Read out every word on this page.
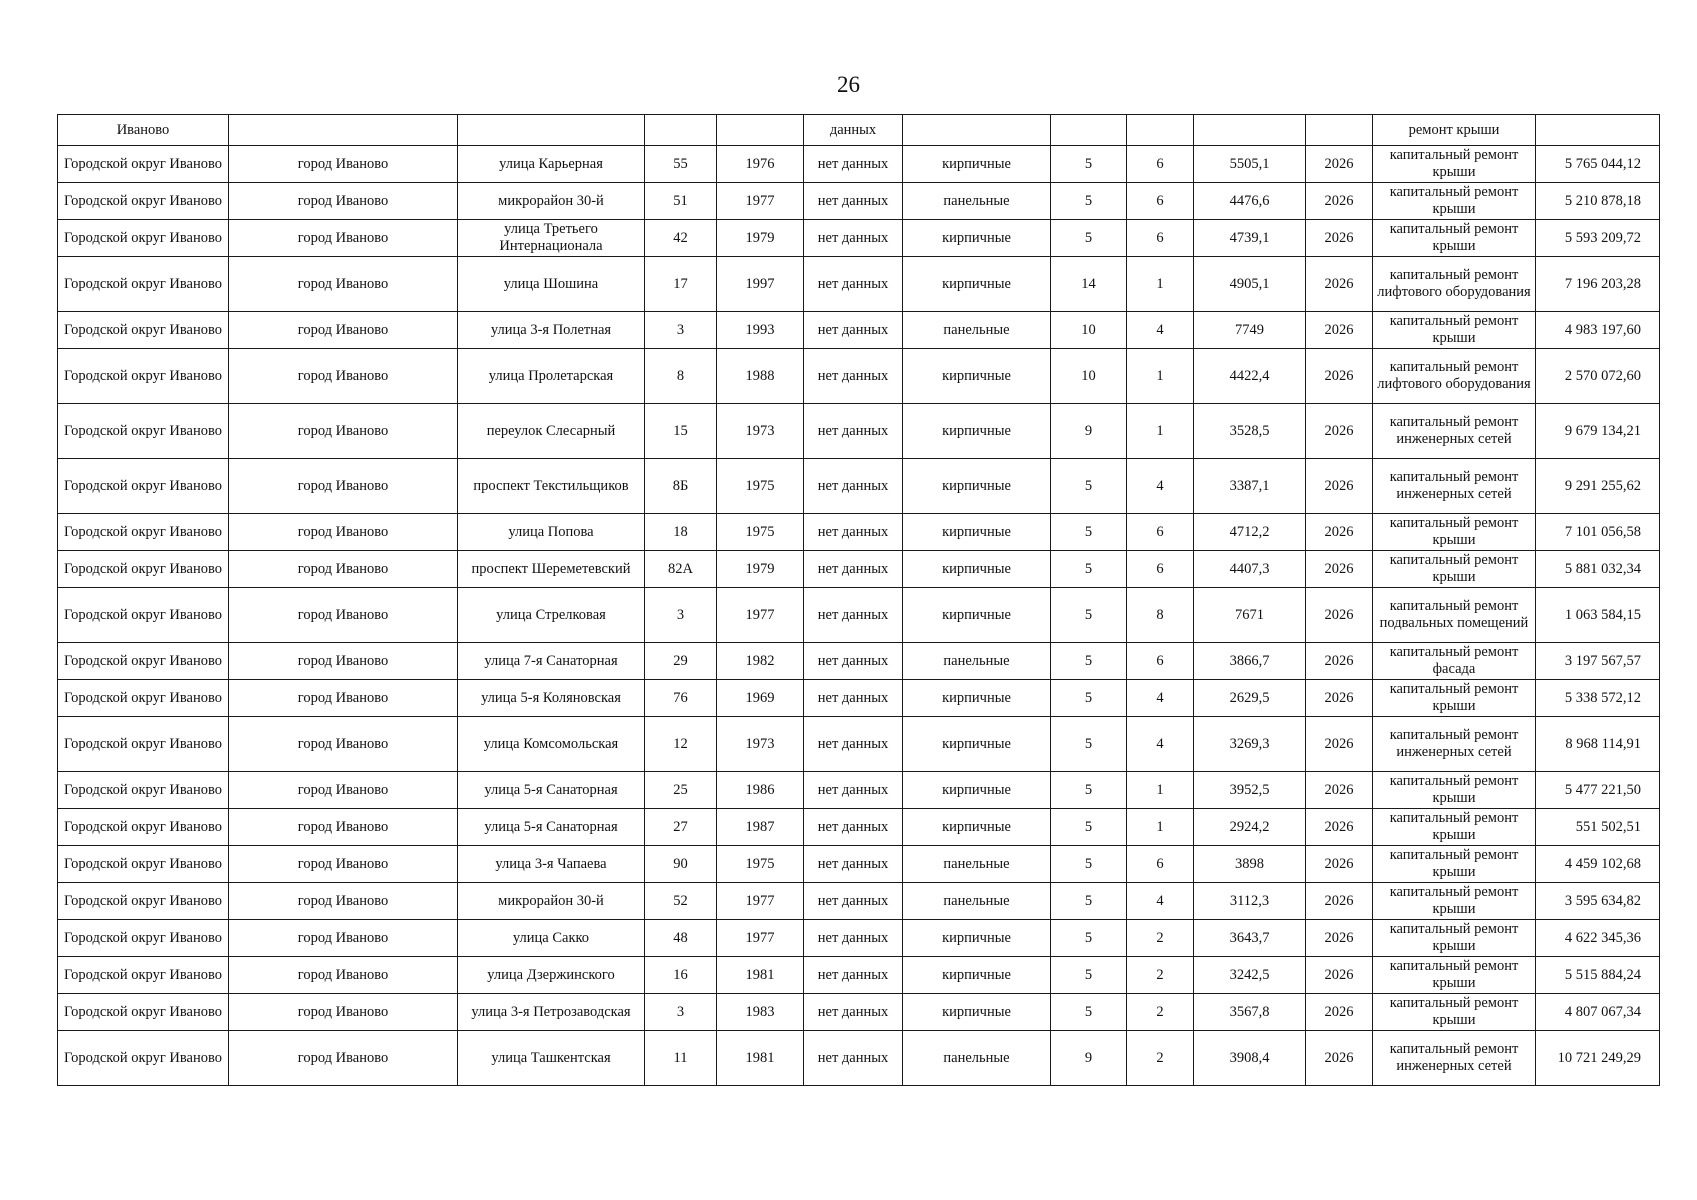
26
Иваново					данных						ремонт крыши	
Городской округ Иваново	город Иваново	улица Карьерная	55	1976	нет данных	кирпичные	5	6	5505,1	2026	капитальный ремонт крыши	5 765 044,12
Городской округ Иваново	город Иваново	микрорайон 30-й	51	1977	нет данных	панельные	5	6	4476,6	2026	капитальный ремонт крыши	5 210 878,18
Городской округ Иваново	город Иваново	улица Третьего Интернационала	42	1979	нет данных	кирпичные	5	6	4739,1	2026	капитальный ремонт крыши	5 593 209,72
Городской округ Иваново	город Иваново	улица Шошина	17	1997	нет данных	кирпичные	14	1	4905,1	2026	капитальный ремонт лифтового оборудования	7 196 203,28
Городской округ Иваново	город Иваново	улица 3-я Полетная	3	1993	нет данных	панельные	10	4	7749	2026	капитальный ремонт крыши	4 983 197,60
Городской округ Иваново	город Иваново	улица Пролетарская	8	1988	нет данных	кирпичные	10	1	4422,4	2026	капитальный ремонт лифтового оборудования	2 570 072,60
Городской округ Иваново	город Иваново	переулок Слесарный	15	1973	нет данных	кирпичные	9	1	3528,5	2026	капитальный ремонт инженерных сетей	9 679 134,21
Городской округ Иваново	город Иваново	проспект Текстильщиков	8Б	1975	нет данных	кирпичные	5	4	3387,1	2026	капитальный ремонт инженерных сетей	9 291 255,62
Городской округ Иваново	город Иваново	улица Попова	18	1975	нет данных	кирпичные	5	6	4712,2	2026	капитальный ремонт крыши	7 101 056,58
Городской округ Иваново	город Иваново	проспект Шереметевский	82А	1979	нет данных	кирпичные	5	6	4407,3	2026	капитальный ремонт крыши	5 881 032,34
Городской округ Иваново	город Иваново	улица Стрелковая	3	1977	нет данных	кирпичные	5	8	7671	2026	капитальный ремонт подвальных помещений	1 063 584,15
Городской округ Иваново	город Иваново	улица 7-я Санаторная	29	1982	нет данных	панельные	5	6	3866,7	2026	капитальный ремонт фасада	3 197 567,57
Городской округ Иваново	город Иваново	улица 5-я Коляновская	76	1969	нет данных	кирпичные	5	4	2629,5	2026	капитальный ремонт крыши	5 338 572,12
Городской округ Иваново	город Иваново	улица Комсомольская	12	1973	нет данных	кирпичные	5	4	3269,3	2026	капитальный ремонт инженерных сетей	8 968 114,91
Городской округ Иваново	город Иваново	улица 5-я Санаторная	25	1986	нет данных	кирпичные	5	1	3952,5	2026	капитальный ремонт крыши	5 477 221,50
Городской округ Иваново	город Иваново	улица 5-я Санаторная	27	1987	нет данных	кирпичные	5	1	2924,2	2026	капитальный ремонт крыши	551 502,51
Городской округ Иваново	город Иваново	улица 3-я Чапаева	90	1975	нет данных	панельные	5	6	3898	2026	капитальный ремонт крыши	4 459 102,68
Городской округ Иваново	город Иваново	микрорайон 30-й	52	1977	нет данных	панельные	5	4	3112,3	2026	капитальный ремонт крыши	3 595 634,82
Городской округ Иваново	город Иваново	улица Сакко	48	1977	нет данных	кирпичные	5	2	3643,7	2026	капитальный ремонт крыши	4 622 345,36
Городской округ Иваново	город Иваново	улица Дзержинского	16	1981	нет данных	кирпичные	5	2	3242,5	2026	капитальный ремонт крыши	5 515 884,24
Городской округ Иваново	город Иваново	улица 3-я Петрозаводская	3	1983	нет данных	кирпичные	5	2	3567,8	2026	капитальный ремонт крыши	4 807 067,34
Городской округ Иваново	город Иваново	улица Ташкентская	11	1981	нет данных	панельные	9	2	3908,4	2026	капитальный ремонт инженерных сетей	10 721 249,29
